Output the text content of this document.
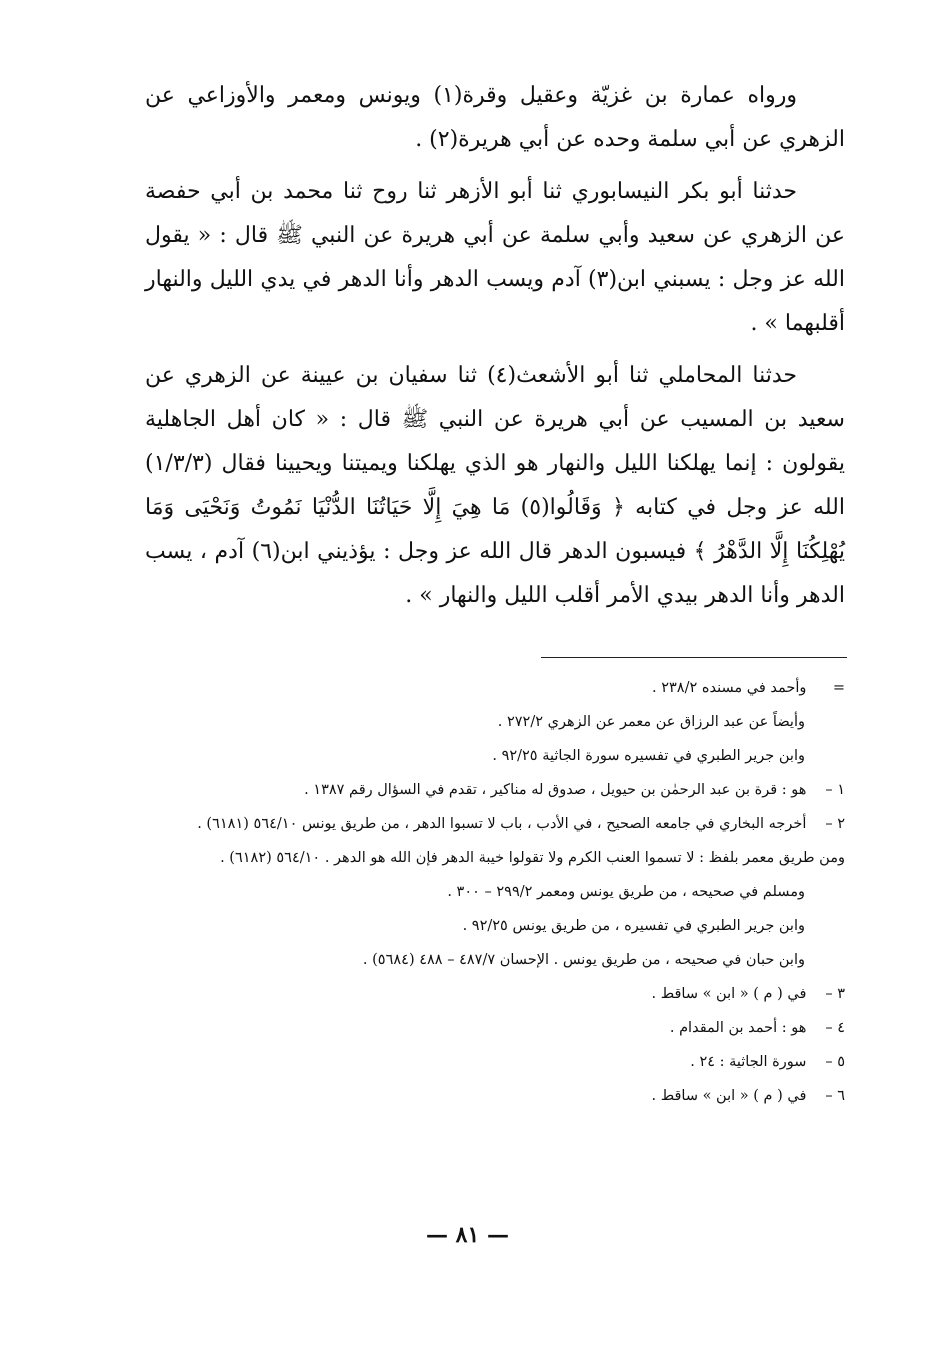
ورواه عمارة بن غزيّة وعقيل وقرة(١) ويونس ومعمر والأوزاعي عن الزهري عن أبي سلمة وحده عن أبي هريرة(٢) .

حدثنا أبو بكر النيسابوري ثنا أبو الأزهر ثنا روح ثنا محمد بن أبي حفصة عن الزهري عن سعيد وأبي سلمة عن أبي هريرة عن النبي ﷺ قال : « يقول الله عز وجل : يسبني ابن(٣) آدم ويسب الدهر وأنا الدهر في يدي الليل والنهار أقلبهما » .

حدثنا المحاملي ثنا أبو الأشعث(٤) ثنا سفيان بن عيينة عن الزهري عن سعيد بن المسيب عن أبي هريرة عن النبي ﷺ قال : « كان أهل الجاهلية يقولون : إنما يهلكنا الليل والنهار هو الذي يهلكنا ويميتنا ويحيينا فقال (١/٣/٣) الله عز وجل في كتابه ﴿ وَقَالُوا(٥) مَا هِيَ إِلَّا حَيَاتُنَا الدُّنْيَا نَمُوتُ وَنَحْيَى وَمَا يُهْلِكُنَا إِلَّا الدَّهْرُ ﴾ فيسبون الدهر قال الله عز وجل : يؤذيني ابن(٦) آدم ، يسب الدهر وأنا الدهر بيدي الأمر أقلب الليل والنهار » .

= وأحمد في مسنده ٢٣٨/٢ .
وأيضاً عن عبد الرزاق عن معمر عن الزهري ٢٧٢/٢ .
وابن جرير الطبري في تفسيره سورة الجاثية ٩٢/٢٥ .
١ – هو : قرة بن عبد الرحمٰن بن حيويل ، صدوق له مناكير ، تقدم في السؤال رقم ١٣٨٧ .
٢ – أخرجه البخاري في جامعه الصحيح ، في الأدب ، باب لا تسبوا الدهر ، من طريق يونس ٥٦٤/١٠ (٦١٨١) .
ومن طريق معمر بلفظ : لا تسموا العنب الكرم ولا تقولوا خيبة الدهر فإن الله هو الدهر . ٥٦٤/١٠ (٦١٨٢) .
ومسلم في صحيحه ، من طريق يونس ومعمر ٢٩٩/٢ – ٣٠٠ .
وابن جرير الطبري في تفسيره ، من طريق يونس ٩٢/٢٥ .
وابن حبان في صحيحه ، من طريق يونس . الإحسان ٤٨٧/٧ – ٤٨٨ (٥٦٨٤) .
٣ – في ( م ) « ابن » ساقط .
٤ – هو : أحمد بن المقدام .
٥ – سورة الجاثية : ٢٤ .
٦ – في ( م ) « ابن » ساقط .
— ٨١ —
